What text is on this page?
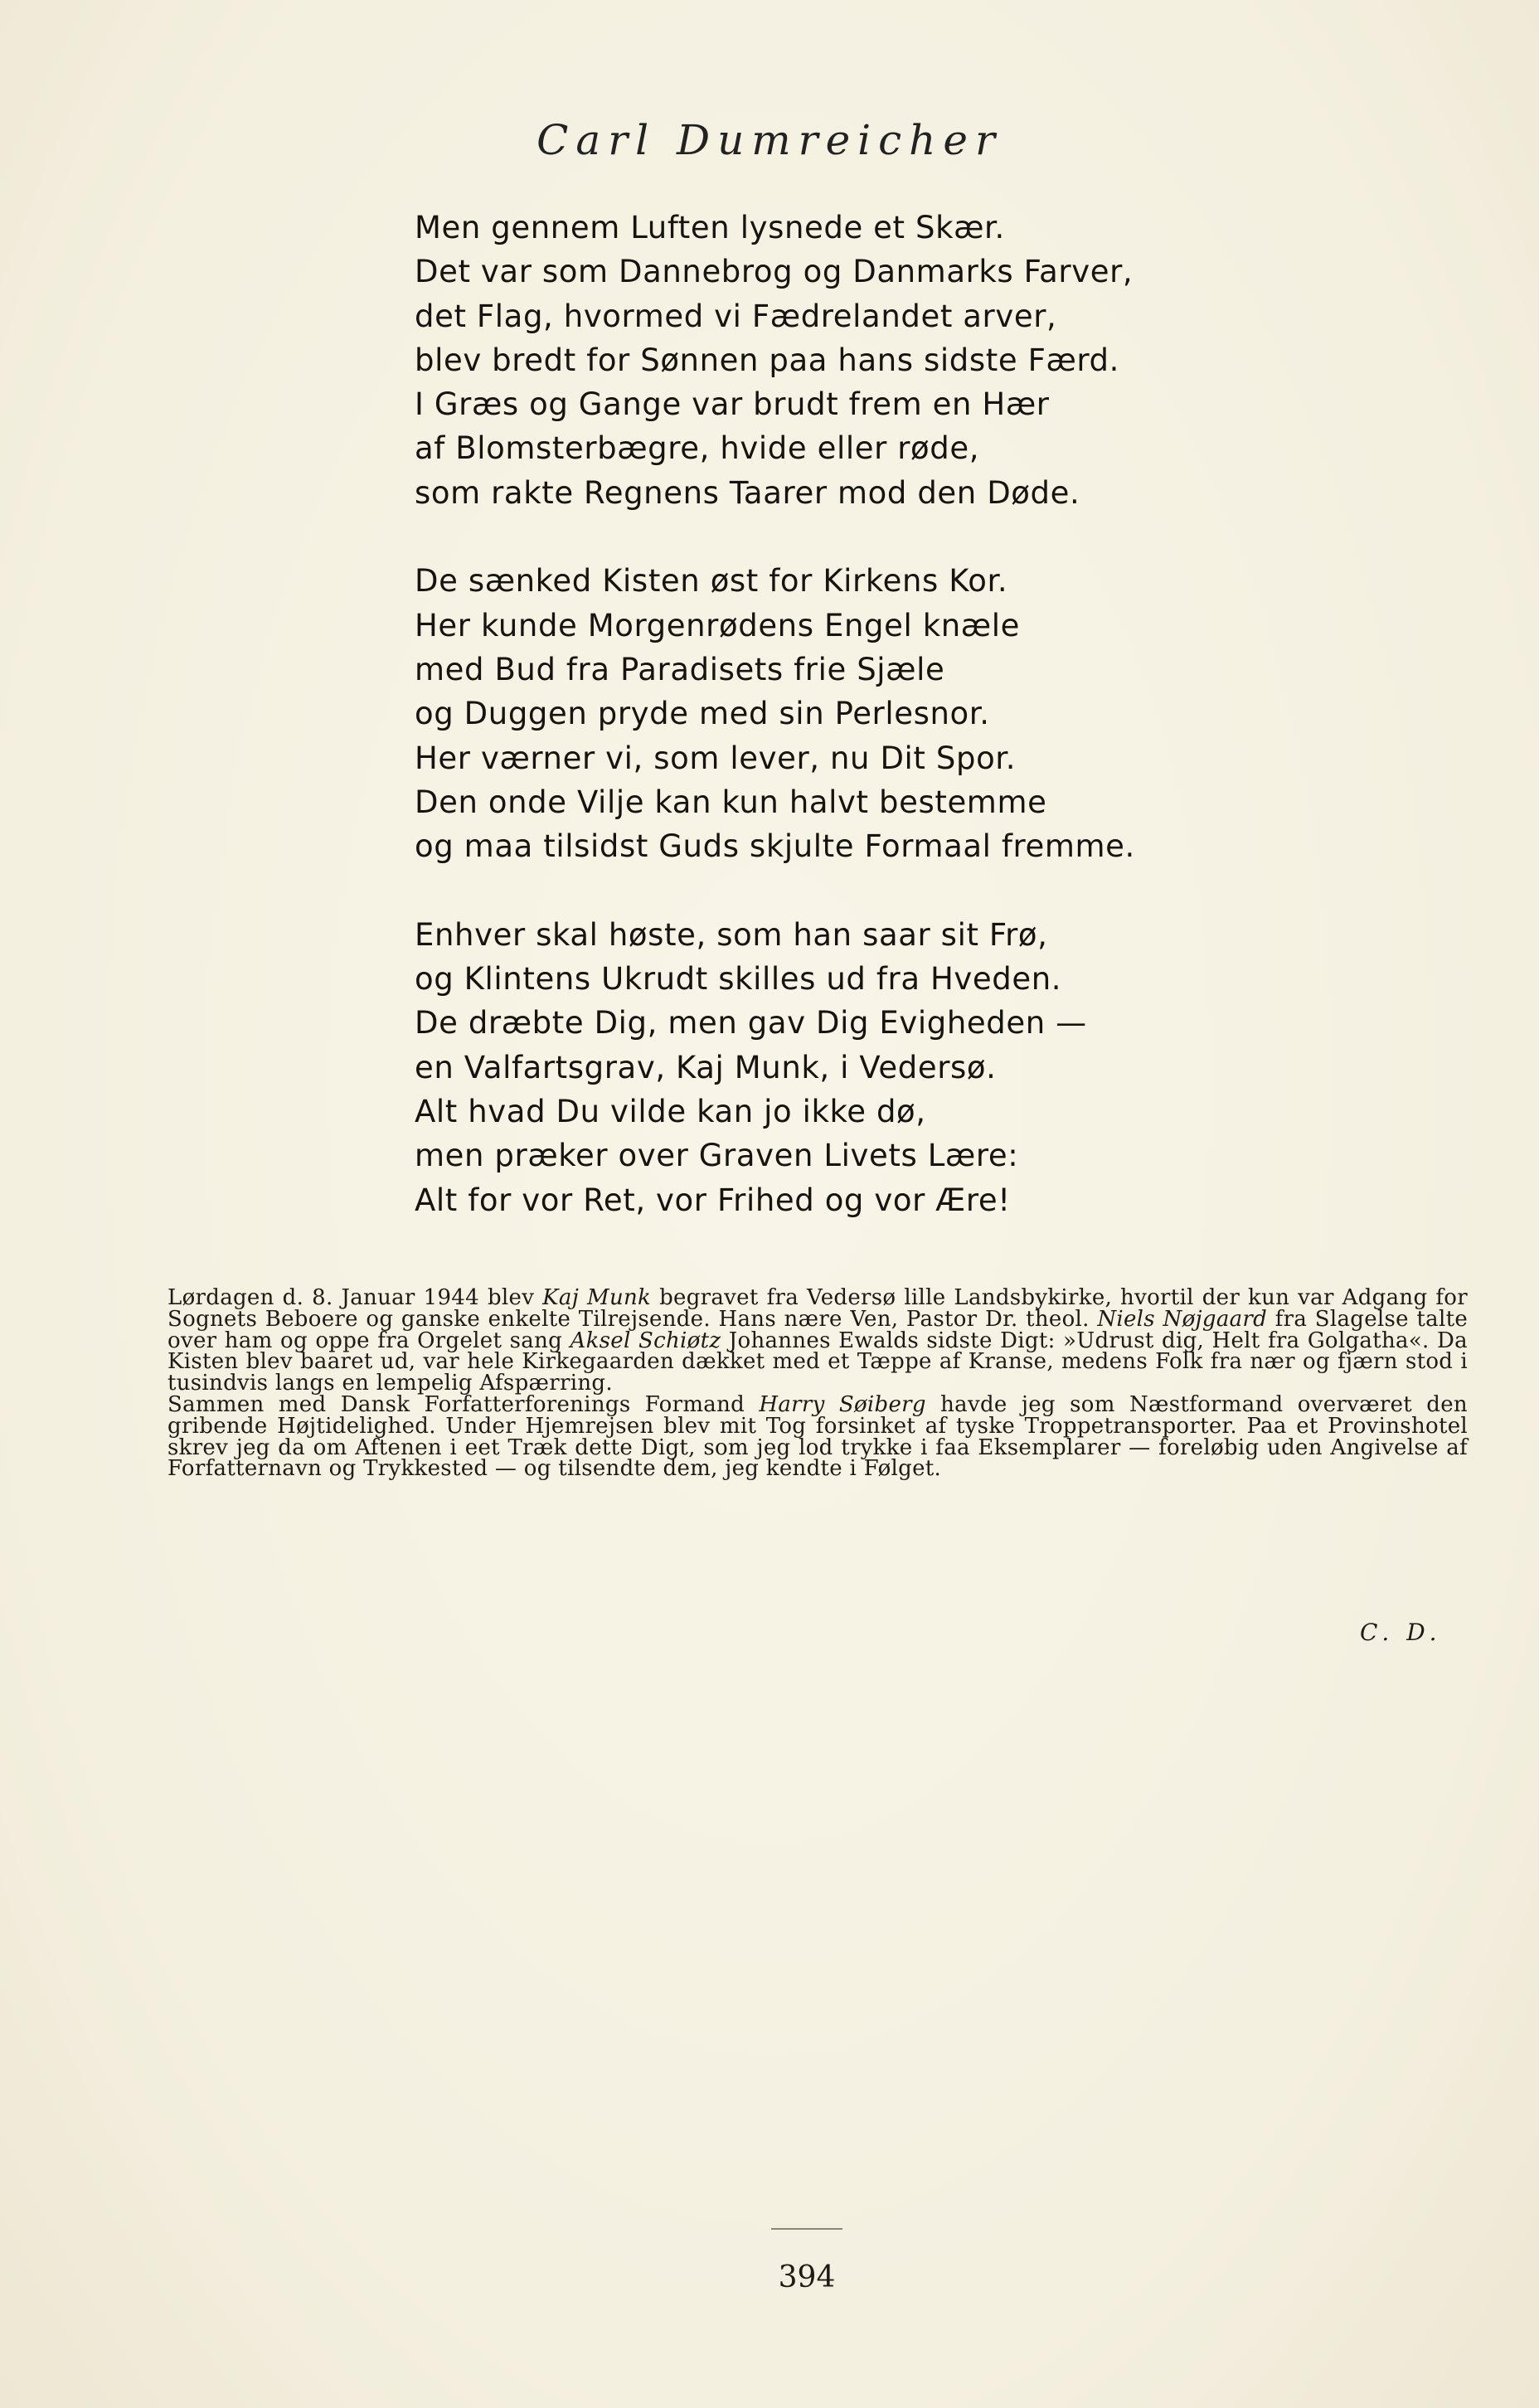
Carl Dumreicher
Men gennem Luften lysnede et Skær.
Det var som Dannebrog og Danmarks Farver,
det Flag, hvormed vi Fædrelandet arver,
blev bredt for Sønnen paa hans sidste Færd.
I Græs og Gange var brudt frem en Hær
af Blomsterbægre, hvide eller røde,
som rakte Regnens Taarer mod den Døde.
De sænked Kisten øst for Kirkens Kor.
Her kunde Morgenrødens Engel knæle
med Bud fra Paradisets frie Sjæle
og Duggen pryde med sin Perlesnor.
Her værner vi, som lever, nu Dit Spor.
Den onde Vilje kan kun halvt bestemme
og maa tilsidst Guds skjulte Formaal fremme.
Enhver skal høste, som han saar sit Frø,
og Klintens Ukrudt skilles ud fra Hveden.
De dræbte Dig, men gav Dig Evigheden —
en Valfartsgrav, Kaj Munk, i Vedersø.
Alt hvad Du vilde kan jo ikke dø,
men præker over Graven Livets Lære:
Alt for vor Ret, vor Frihed og vor Ære!

Lørdagen d. 8. Januar 1944 blev Kaj Munk begravet fra Vedersø lille Landsbykirke, hvortil der kun var Adgang for Sognets Beboere og ganske enkelte Tilrejsende. Hans nære Ven, Pastor Dr. theol. Niels Nøjgaard fra Slagelse talte over ham og oppe fra Orgelet sang Aksel Schiøtz Johannes Ewalds sidste Digt: »Udrust dig, Helt fra Golgatha«. Da Kisten blev baaret ud, var hele Kirkegaarden dækket med et Tæppe af Kranse, medens Folk fra nær og fjærn stod i tusindvis langs en lempelig Afspærring.

Sammen med Dansk Forfatterforenings Formand Harry Søiberg havde jeg som Næstformand overværet den gribende Højtidelighed. Under Hjemrejsen blev mit Tog forsinket af tyske Troppetransporter. Paa et Provinshotel skrev jeg da om Aftenen i eet Træk dette Digt, som jeg lod trykke i faa Eksemplarer — foreløbig uden Angivelse af Forfatternavn og Trykkested — og tilsendte dem, jeg kendte i Følget.

C. D.
394
